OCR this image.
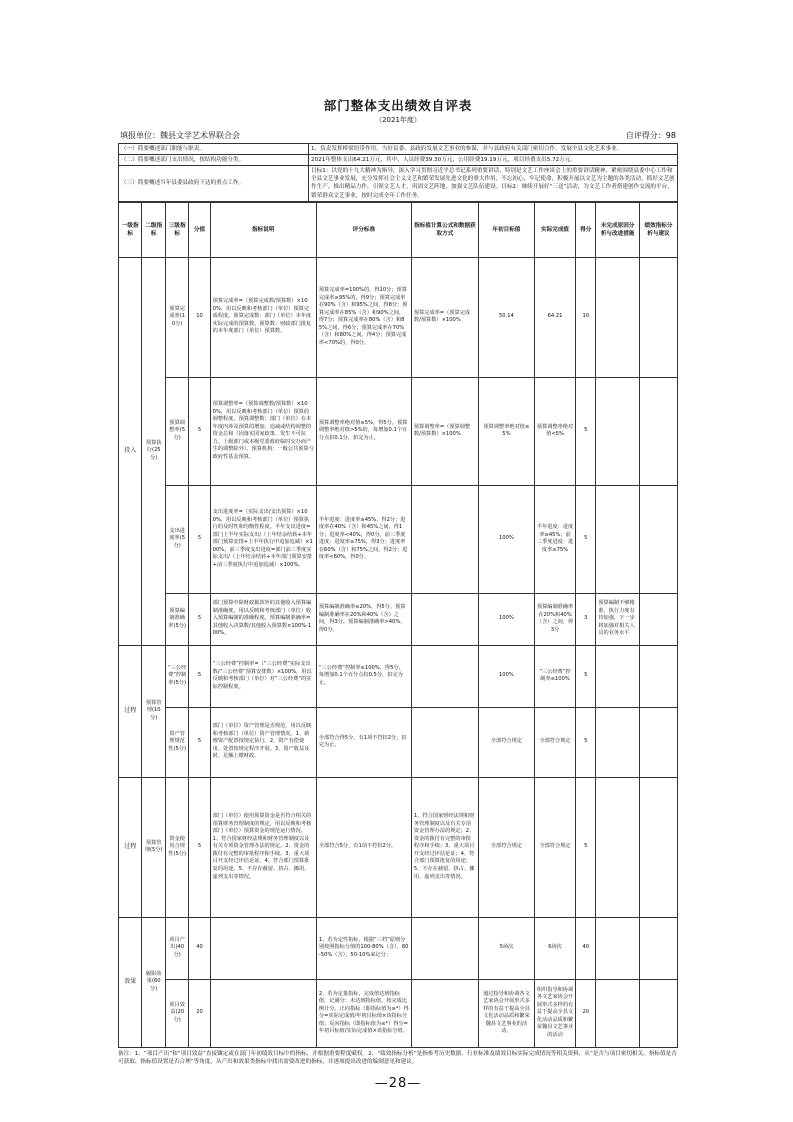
部门整体支出绩效自评表
（2021年度）
填报单位：魏县文学艺术界联合会	自评得分：98
（一）简要概述部门职能与职责。	1、负责发挥桥梁纽带作用，当好县委、县政府发展文艺事业的参谋，并与县政府有关部门密切合作，发展全县文化艺术事业。
（二）简要概述部门支出情况，按结构功能分类。	2021年整体支出64.21万元，其中，人员经费39.30万元，公用经费19.19万元，项目经费支出5.72万元。
（三）简要概述当年县委县政府下达的重点工作。	目标1：以党的十九大精神为指导，深入学习贯彻习近平总书记系列重要讲话，特别是文艺工作座谈会上的重要讲话精神，紧密围绕县委中心工作和全县文艺事业发展，充分发挥社会主义文艺和繁荣发展先进文化的重大作用，不忘初心，牢记使命，积极开展以文艺为主题的各类活动，抓好文艺创作生产，推出精品力作，引领文艺人才，巩固文艺阵地，加强文艺队伍建设。目标2：继续开展好“三送”活动，为文艺工作者搭建创作交流的平台，繁荣群众文艺事业，按时完成全年工作任务。
一级指标	二级指标	三级指标	分值	指标说明	评分标准	指标值计算公式和数据获取方式	年初目标值	实际完成值	得分	未完成原因分析与改进措施	绩效指标分析与建议
投入	预算执行(25分)	预算完成率(10分)	10	预算完成率=（预算完成数/预算数）×100%，用以反映和考核部门（单位）预算完成程度。预算完成数：部门（单位）本年度实际完成的预算数。预算数：财政部门批复的本年度部门（单位）预算数。	预算完成率=100%的，得10分；预算完成率≥95%的，得9分；预算完成率在90%（含）和95%之间，得8分；预算完成率在85%（含）和90%之间，得7分；预算完成率在80%（含）和85%之间，得6分；预算完成率在70%（含）和80%之间，得4分；预算完成率<70%的，得0分。	预算完成率=（预算完成数/预算数）×100%	50.14	64.21	10		
		预算调整率(5分)	5	预算调整率=（预算调整数/预算数）×100%，用以反映和考核部门（单位）预算的调整程度。预算调整数：部门（单位）在本年度内涉及预算的增加、追减或结构调整的资金总和（因落实国家政策、发生不可抗力、上级部门或本级党委政府临时交办而产生的调整除外）。预算机构：一般公共预算与政府性基金预算。	预算调整率绝对值≤5%，得5分。预算调整率绝对值>5%的，每增加0.1个百分点扣0.1分，扣完为止。	预算调整率=（预算调整数/预算数）×100%	预算调整率绝对值≤5%	预算调整率绝对值<5%	5		
		支出进度率(5分)	5	支出进度率=（实际支出/支出预算）×100%，用以反映和考核部门（单位）预算执行的及时性和均衡性程度。半年支出进度=部门上半年实际支出/（上年结余结转+本年部门预算安排+上半年执行中追加追减）×100%。前三季度支出进度=部门前三季度实际支出/（上年结余结转+本年部门预算安排+前三季度执行中追加追减）×100%。	半年进度：进度率≥45%，得2分；进度率在40%（含）和45%之间，得1分；进度率<40%，得0分。前三季度进度：进度率≥75%，得3分；进度率在60%（含）和75%之间，得2分；进度率<60%，得0分。		100%	半年进度：进度率≥45%；前三季度进度：进度率≥75%	5		
		预算编制准确率(5分)	5	部门预算中除财政拨款外的其他收入预算编制准确度，用以反映和考核部门（单位）收入预算编制的准确程度。预算编制准确率=其他收入决算数/其他收入预算数×100%-100%。	预算编制准确率≤20%，得5分。预算编制准确率在20%和40%（含）之间，得3分。预算编制准确率>40%，得0分。		100%	预算编制准确率在20%和40%（含）之间，得3分	3	预算编制不够精准，执行力度有待加强，下一步将加强对相关人员的业务水平	
过程	预算管理(10分)	“三公经费”控制率(5分)	5	“三公经费”控制率=（“三公经费”实际支出数/“三公经费”预算安排数）×100%，用以反映和考核部门（单位）对“三公经费”的实际控制程度。	“三公经费”控制率≤100%，得5分，每增加0.1个百分点扣0.5分，扣完为止。		100%	“三公经费”控制率≤100%	5		
		资产管理规范性(5分)	5	部门（单位）资产管理是否规范，用以反映和考核部门（单位）资产管理情况。1、新增资产配置按规定执行。2、资产有偿使用、处置按规定程序开展。3、资产收益及时、足额上缴财政。	全部符合得5分，有1项不符扣2分，扣完为止。		全部符合规定	全部符合规定	5		
过程	预算管理(5分)	资金使用合规性(5分)	5	部门（单位）使用预算资金是否符合相关的预算财务管理制度的规定，用以反映和考核部门（单位）预算资金的规范运行情况。1、符合国家财经法规和财务管理制度以及有关专项资金管理办法的规定。2、资金的拨付有完整的审批程序和手续。3、重大项目开支经过评估论证。4、符合部门预算批复的用途。5、不存在截留、挤占、挪用、虚列支出等情况。	全部符合5分，有1项不符扣2分。	1、符合国家财经法规和财务管理制度以及有关专项资金管理办法的规定；2、资金的拨付有完整的审批程序和手续；3、重大项目开支经过评估论证；4、符合部门预算批复的用途；5、不存在截留、挤占、挪用、虚列支出等情况。	全部符合规定	全部符合规定	5		
效果	履职效果(60分)	项目产出(40分)	40		1、若为定性指标，根据“三档”原则分别按照指标分值的100-80%（含）、80-50%（含）、50-10%来记分；		5场次	6场次	40		
		项目效益(20分)	20		2、若为定量指标，完成值达到指标值，记满分；未达到指标值，按完成比例计分。正向指标（即指标值为≥*）得分=实际完成值/年初目标值×该指标分值；反向指标（即指标值为≤*）得分=年初目标值/实际完成值×该指标分值。		通过指导和协调各文艺家协会开展形式多样的有益于提高全县文化活动品质和繁荣魏县文艺事业的活动。	组织指导和协调各文艺家协会开展形式多样的有益于提高全县文化活动品质和繁荣魏县文艺事业的活动	20		
备注：1、“项目产出”和“项目效益”直接镶定或在部门年初绩效目标中的指标，并根据重要程度赋权。2、“绩效指标分析”是指参考历史数据、行业标准及绩效目标实际完成情况等相关资料，从“是否与项目密切相关、指标值是否可获取、指标值设置是否合理”等角度，从产出和效果类指标中找出需要改进的指标，并逐项提出改进的编制意见和建议。
—28—
